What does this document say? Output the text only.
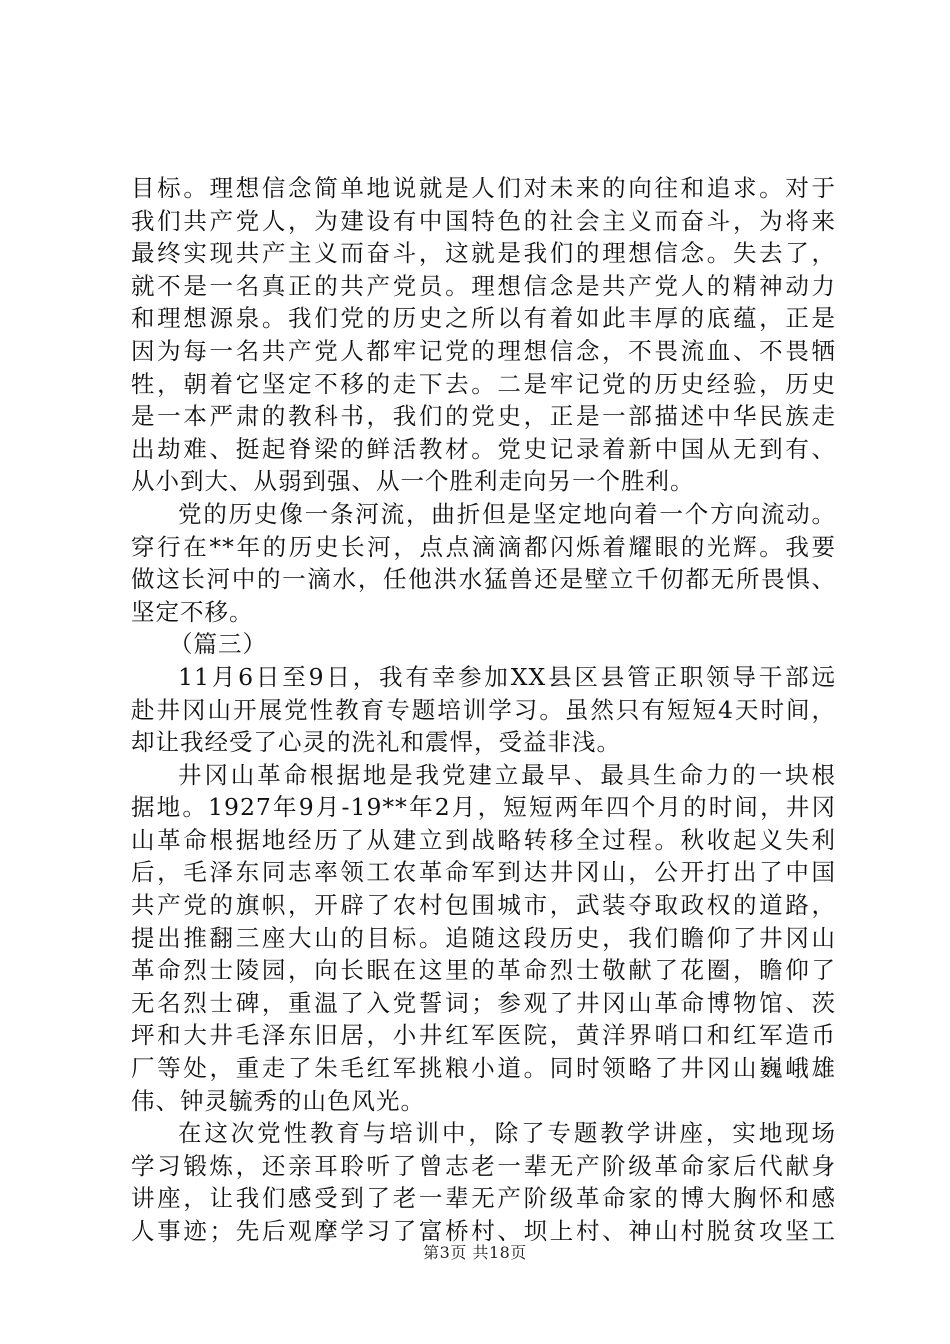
目标。理想信念简单地说就是人们对未来的向往和追求。对于
我们共产党人，为建设有中国特色的社会主义而奋斗，为将来
最终实现共产主义而奋斗，这就是我们的理想信念。失去了，
就不是一名真正的共产党员。理想信念是共产党人的精神动力
和理想源泉。我们党的历史之所以有着如此丰厚的底蕴，正是
因为每一名共产党人都牢记党的理想信念，不畏流血、不畏牺
牲，朝着它坚定不移的走下去。二是牢记党的历史经验，历史
是一本严肃的教科书，我们的党史，正是一部描述中华民族走
出劫难、挺起脊梁的鲜活教材。党史记录着新中国从无到有、
从小到大、从弱到强、从一个胜利走向另一个胜利。
党的历史像一条河流，曲折但是坚定地向着一个方向流动。
穿行在**年的历史长河，点点滴滴都闪烁着耀眼的光辉。我要
做这长河中的一滴水，任他洪水猛兽还是壁立千仞都无所畏惧、
坚定不移。
（篇三）
11月6日至9日，我有幸参加XX县区县管正职领导干部远
赴井冈山开展党性教育专题培训学习。虽然只有短短4天时间，
却让我经受了心灵的洗礼和震悍，受益非浅。
井冈山革命根据地是我党建立最早、最具生命力的一块根
据地。1927年9月-19**年2月，短短两年四个月的时间，井冈
山革命根据地经历了从建立到战略转移全过程。秋收起义失利
后，毛泽东同志率领工农革命军到达井冈山，公开打出了中国
共产党的旗帜，开辟了农村包围城市，武装夺取政权的道路，
提出推翻三座大山的目标。追随这段历史，我们瞻仰了井冈山
革命烈士陵园，向长眠在这里的革命烈士敬献了花圈，瞻仰了
无名烈士碑，重温了入党誓词；参观了井冈山革命博物馆、茨
坪和大井毛泽东旧居，小井红军医院，黄洋界哨口和红军造币
厂等处，重走了朱毛红军挑粮小道。同时领略了井冈山巍峨雄
伟、钟灵毓秀的山色风光。
在这次党性教育与培训中，除了专题教学讲座，实地现场
学习锻炼，还亲耳聆听了曾志老一辈无产阶级革命家后代献身
讲座，让我们感受到了老一辈无产阶级革命家的博大胸怀和感
人事迹；先后观摩学习了富桥村、坝上村、神山村脱贫攻坚工
第3页 共18页
